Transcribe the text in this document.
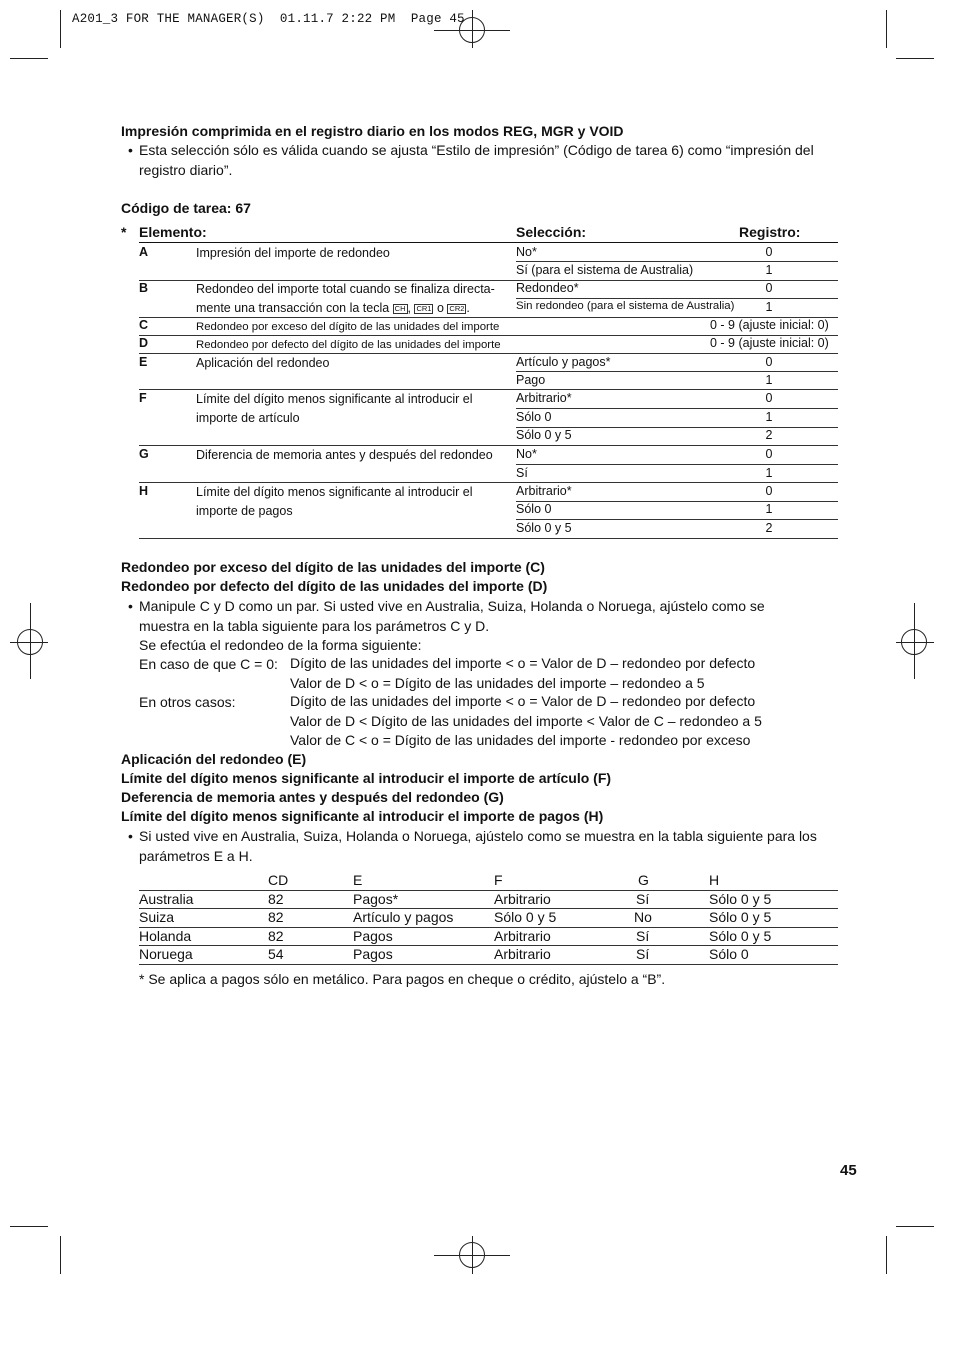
A201_3 FOR THE MANAGER(S)  01.11.7 2:22 PM  Page 45
Impresión comprimida en el registro diario en los modos REG, MGR y VOID
• Esta selección sólo es válida cuando se ajusta “Estilo de impresión” (Código de tarea 6) como “impresión del
registro diario”.
Código de tarea: 67
* Elemento:	Selección:	Registro:
A	Impresión del importe de redondeo	No*	0
Sí (para el sistema de Australia)	1
B	Redondeo del importe total cuando se finaliza directa-
mente una transacción con la tecla CH , CR1 o CR2 .
Redondeo*	0
Sin redondeo (para el sistema de Australia) 1
C	Redondeo por exceso del dígito de las unidades del importe	0 - 9 (ajuste inicial: 0)
D	Redondeo por defecto del dígito de las unidades del importe	0 - 9 (ajuste inicial: 0)
E	Aplicación del redondeo	Artículo y pagos*	0
Pago	1
F	Límite del dígito menos significante al introducir el
importe de artículo
Arbitrario*	0
Sólo 0	1
Sólo 0 y 5	2
G	Diferencia de memoria antes y después del redondeo	No*	0
Sí	1
H	Límite del dígito menos significante al introducir el
importe de pagos
Arbitrario*	0
Sólo 0	1
Sólo 0 y 5	2
Redondeo por exceso del dígito de las unidades del importe (C)
Redondeo por defecto del dígito de las unidades del importe (D)
• Manipule C y D como un par. Si usted vive en Australia, Suiza, Holanda o Noruega, ajústelo como se
muestra en la tabla siguiente para los parámetros C y D.
Se efectúa el redondeo de la forma siguiente:
En caso de que C = 0: Dígito de las unidades del importe < o = Valor de D – redondeo por defecto
Valor de D < o = Dígito de las unidades del importe – redondeo a 5
En otros casos:	Dígito de las unidades del importe < o = Valor de D – redondeo por defecto
Valor de D < Dígito de las unidades del importe < Valor de C – redondeo a 5
Valor de C < o = Dígito de las unidades del importe - redondeo por exceso
Aplicación del redondeo (E)
Límite del dígito menos significante al introducir el importe de artículo (F)
Deferencia de memoria antes y después del redondeo (G)
Límite del dígito menos significante al introducir el importe de pagos (H)
• Si usted vive en Australia, Suiza, Holanda o Noruega, ajústelo como se muestra en la tabla siguiente para los
parámetros E a H.
CD	E	F	G	H
Australia	82	Pagos*	Arbitrario	Sí	Sólo 0 y 5
Suiza	82	Artículo y pagos	Sólo 0 y 5	No	Sólo 0 y 5
Holanda	82	Pagos	Arbitrario	Sí	Sólo 0 y 5
Noruega	54	Pagos	Arbitrario	Sí	Sólo 0
* Se aplica a pagos sólo en metálico. Para pagos en cheque o crédito, ajústelo a “B”.
45
